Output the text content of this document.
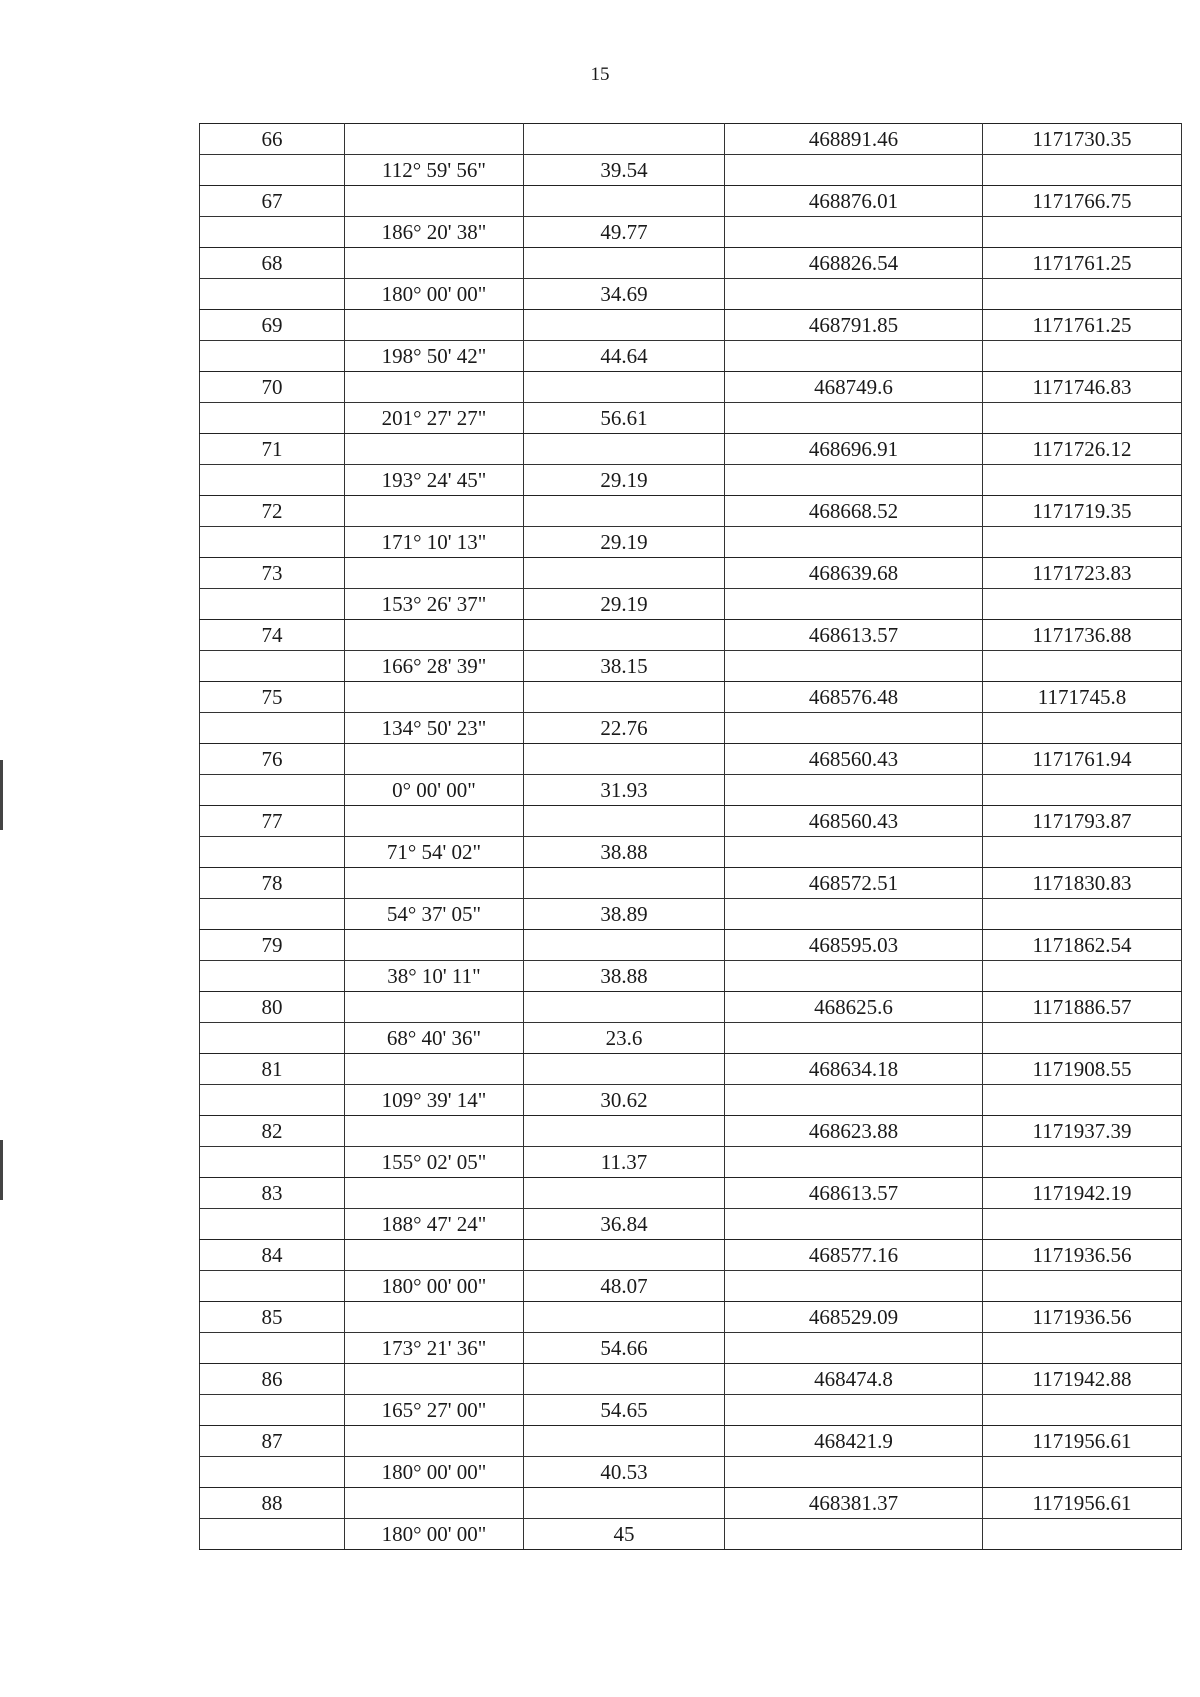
15
66			468891.46	1171730.35
	112° 59' 56"	39.54		
67			468876.01	1171766.75
	186° 20' 38"	49.77		
68			468826.54	1171761.25
	180° 00' 00"	34.69		
69			468791.85	1171761.25
	198° 50' 42"	44.64		
70			468749.6	1171746.83
	201° 27' 27"	56.61		
71			468696.91	1171726.12
	193° 24' 45"	29.19		
72			468668.52	1171719.35
	171° 10' 13"	29.19		
73			468639.68	1171723.83
	153° 26' 37"	29.19		
74			468613.57	1171736.88
	166° 28' 39"	38.15		
75			468576.48	1171745.8
	134° 50' 23"	22.76		
76			468560.43	1171761.94
	0° 00' 00"	31.93		
77			468560.43	1171793.87
	71° 54' 02"	38.88		
78			468572.51	1171830.83
	54° 37' 05"	38.89		
79			468595.03	1171862.54
	38° 10' 11"	38.88		
80			468625.6	1171886.57
	68° 40' 36"	23.6		
81			468634.18	1171908.55
	109° 39' 14"	30.62		
82			468623.88	1171937.39
	155° 02' 05"	11.37		
83			468613.57	1171942.19
	188° 47' 24"	36.84		
84			468577.16	1171936.56
	180° 00' 00"	48.07		
85			468529.09	1171936.56
	173° 21' 36"	54.66		
86			468474.8	1171942.88
	165° 27' 00"	54.65		
87			468421.9	1171956.61
	180° 00' 00"	40.53		
88			468381.37	1171956.61
	180° 00' 00"	45		
